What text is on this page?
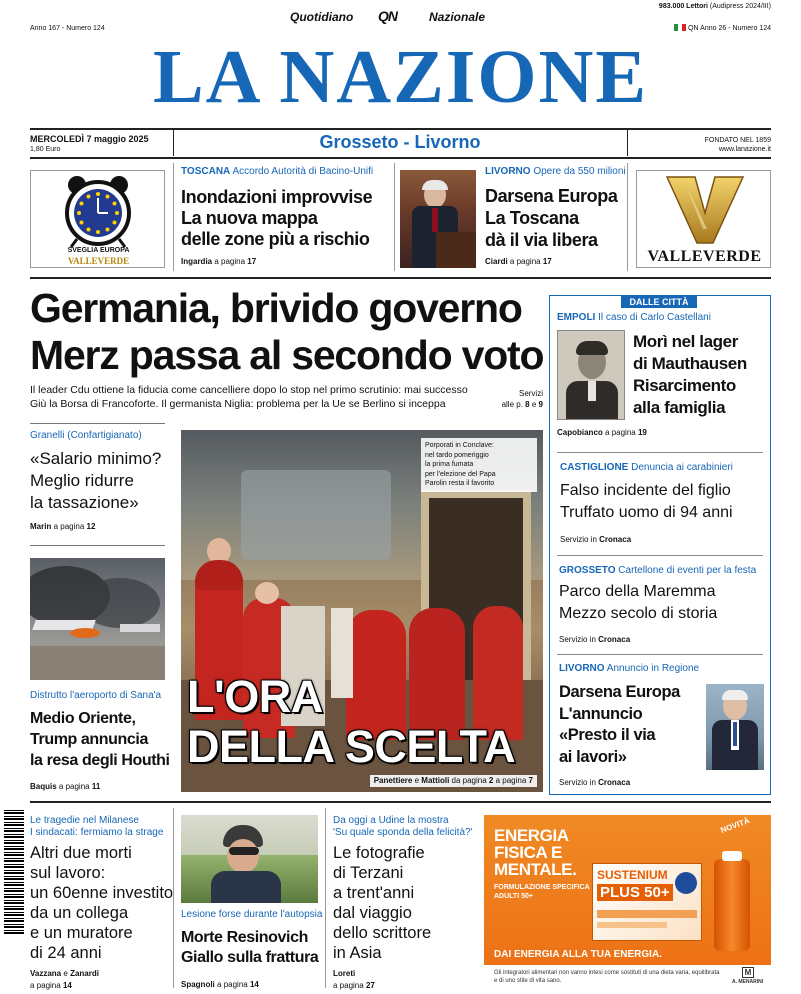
Quotidiano QN	Nazionale
983.000 Lettori (Audipress 2024/III)
Anno 167 - Numero 124	QN Anno 26 - Numero 124
LA NAZIONE
MERCOLEDÌ 7 maggio 2025
1,80 Euro	Grosseto - Livorno	FONDATO NEL 1859
www.lanazione.it
SVEGLIA EUROPA
VALLEVERDE
TOSCANA Accordo Autorità di Bacino-Unifi
Inondazioni improvvise
La nuova mappa
delle zone più a rischio
Ingardia a pagina 17
LIVORNO Opere da 550 milioni
Darsena Europa
La Toscana
dà il via libera
Ciardi a pagina 17	VALLEVERDE
Germania, brivido governo
Merz passa al secondo voto
Il leader Cdu ottiene la fiducia come cancelliere dopo lo stop nel primo scrutinio: mai successo
Giù la Borsa di Francoforte. Il germanista Niglia: problema per la Ue se Berlino si inceppa
Servizi
alle p. 8 e 9
Granelli (Confartigianato)
«Salario minimo?
Meglio ridurre
la tassazione»
Marin a pagina 12
Distrutto l'aeroporto di Sana'a
Medio Oriente,
Trump annuncia
la resa degli Houthi
Baquis a pagina 11
Porporati in Conclave:
nel tardo pomeriggio
la prima fumata
per l'elezione del Papa
Parolin resta il favorito
L'ORA
DELLA SCELTA
Panettiere e Mattioli da pagina 2 a pagina 7
DALLE CITTÀ
EMPOLI Il caso di Carlo Castellani
Morì nel lager
di Mauthausen
Risarcimento
alla famiglia
Capobianco a pagina 19
CASTIGLIONE Denuncia ai carabinieri
Falso incidente del figlio
Truffato uomo di 94 anni
Servizio in Cronaca
GROSSETO Cartellone di eventi per la festa
Parco della Maremma
Mezzo secolo di storia
Servizio in Cronaca
LIVORNO Annuncio in Regione
Darsena Europa
L'annuncio
«Presto il via
ai lavori»
Servizio in Cronaca
Le tragedie nel Milanese
I sindacati: fermiamo la strage
Altri due morti
sul lavoro:
un 60enne investito
da un collega
e un muratore
di 24 anni
Vazzana e Zanardi
a pagina 14
Lesione forse durante l'autopsia
Morte Resinovich
Giallo sulla frattura
Spagnoli a pagina 14
Da oggi a Udine la mostra
'Su quale sponda della felicità?'
Le fotografie
di Terzani
a trent'anni
dal viaggio
dello scrittore
in Asia
Loreti
a pagina 27
ENERGIA FISICA E MENTALE.
FORMULAZIONE SPECIFICA ADULTI 50+
NOVITÀ
SUSTENIUM
PLUS 50+
DAI ENERGIA ALLA TUA ENERGIA.
Gli integratori alimentari non vanno intesi come sostituti di una dieta varia, equilibrata e di uno stile di vita sano.	A. MENARINI
M
